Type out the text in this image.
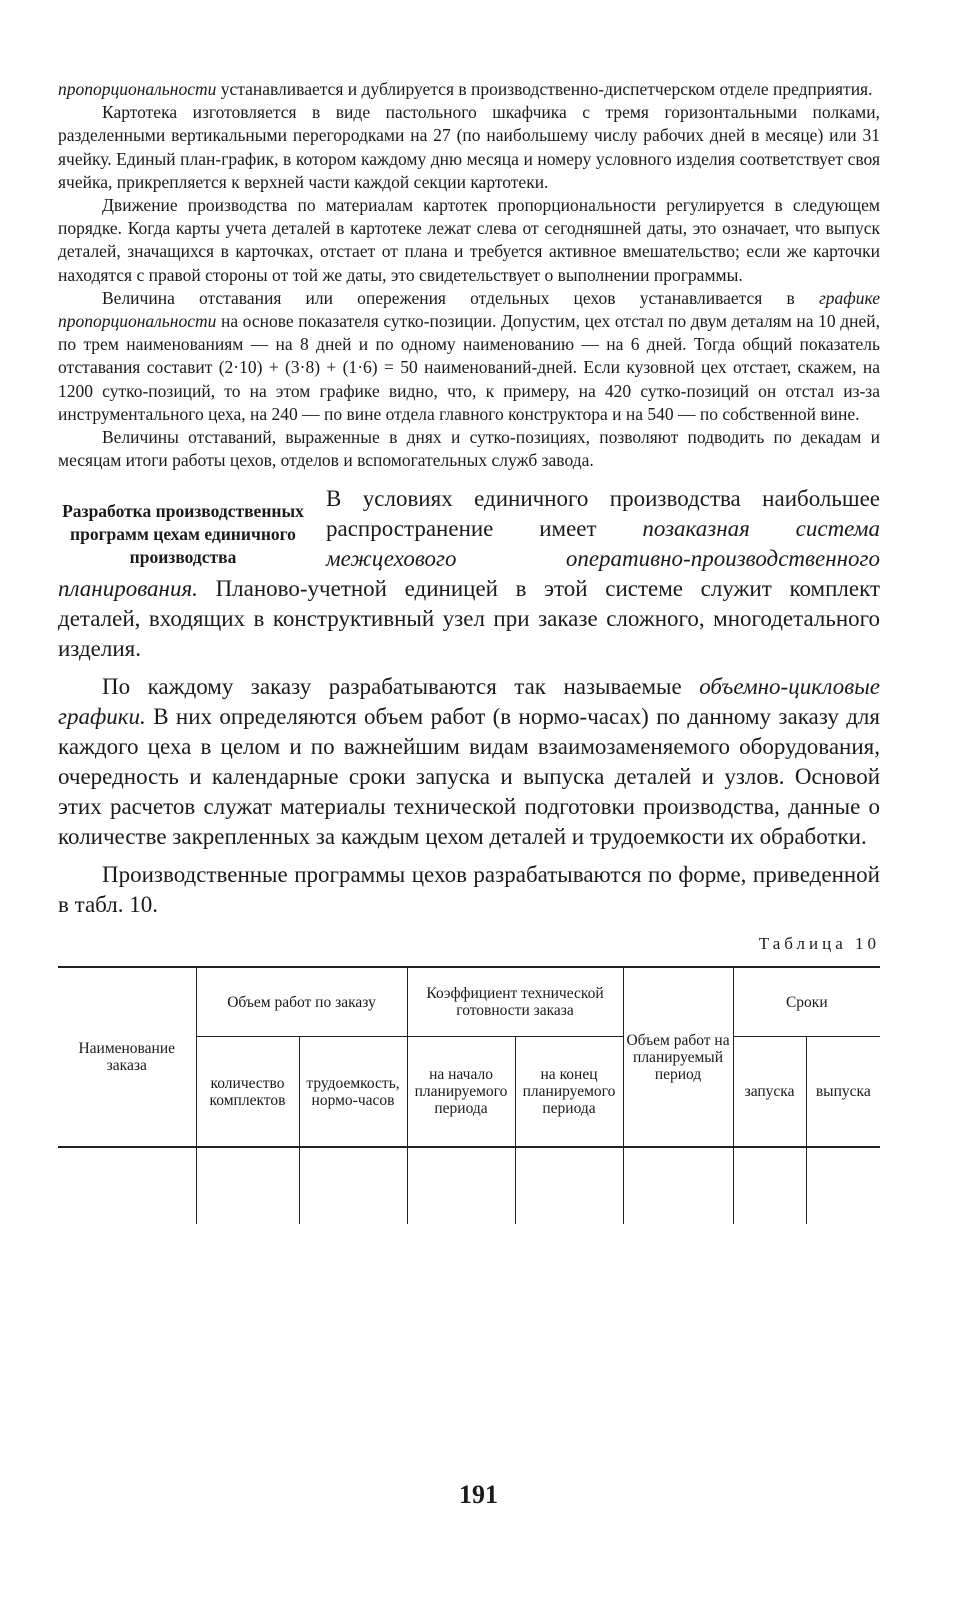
пропорциональности устанавливается и дублируется в производственно-диспетчерском отделе предприятия.

Картотека изготовляется в виде пастольного шкафчика с тремя горизонтальными полками, разделенными вертикальными перегородками на 27 (по наибольшему числу рабочих дней в месяце) или 31 ячейку. Единый план-график, в котором каждому дню месяца и номеру условного изделия соответствует своя ячейка, прикрепляется к верхней части каждой секции картотеки.

Движение производства по материалам картотек пропорциональности регулируется в следующем порядке. Когда карты учета деталей в картотеке лежат слева от сегодняшней даты, это означает, что выпуск деталей, значащихся в карточках, отстает от плана и требуется активное вмешательство; если же карточки находятся с правой стороны от той же даты, это свидетельствует о выполнении программы.

Величина отставания или опережения отдельных цехов устанавливается в графике пропорциональности на основе показателя сутко-позиции. Допустим, цех отстал по двум деталям на 10 дней, по трем наименованиям — на 8 дней и по одному наименованию — на 6 дней. Тогда общий показатель отставания составит (2·10) + (3·8) + (1·6) = 50 наименований-дней. Если кузовной цех отстает, скажем, на 1200 сутко-позиций, то на этом графике видно, что, к примеру, на 420 сутко-позиций он отстал из-за инструментального цеха, на 240 — по вине отдела главного конструктора и на 540 — по собственной вине.

Величины отставаний, выраженные в днях и сутко-позициях, позволяют подводить по декадам и месяцам итоги работы цехов, отделов и вспомогательных служб завода.

Разработка производственных программ цехам единичного производства

В условиях единичного производства наибольшее распространение имеет позаказная система межцехового оперативно-производственного планирования. Планово-учетной единицей в этой системе служит комплект деталей, входящих в конструктивный узел при заказе сложного, многодетального изделия.

По каждому заказу разрабатываются так называемые объемно-цикловые графики. В них определяются объем работ (в нормо-часах) по данному заказу для каждого цеха в целом и по важнейшим видам взаимозаменяемого оборудования, очередность и календарные сроки запуска и выпуска деталей и узлов. Основой этих расчетов служат материалы технической подготовки производства, данные о количестве закрепленных за каждым цехом деталей и трудоемкости их обработки.

Производственные программы цехов разрабатываются по форме, приведенной в табл. 10.

Таблица 10
Наименование заказа	Объем работ по заказу		Коэффициент технической готовности заказа		Объем работ на планируемый период	Сроки	
	количество комплектов	трудоемкость, нормо-часов	на начало планируемого периода	на конец планируемого периода		запуска	выпуска

191
